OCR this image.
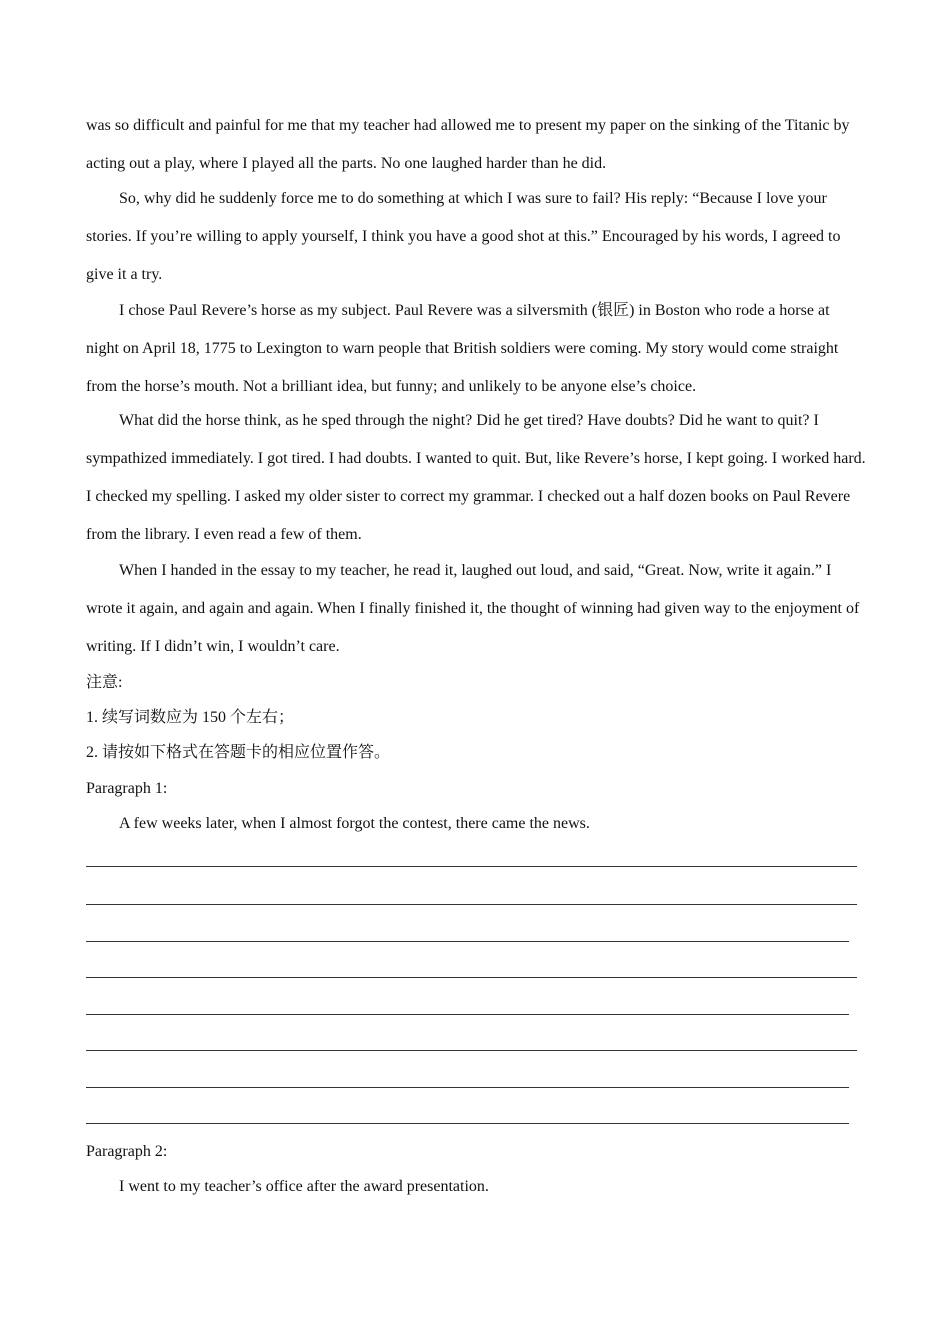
was so difficult and painful for me that my teacher had allowed me to present my paper on the sinking of the Titanic by acting out a play, where I played all the parts. No one laughed harder than he did.

So, why did he suddenly force me to do something at which I was sure to fail? His reply: “Because I love your stories. If you’re willing to apply yourself, I think you have a good shot at this.” Encouraged by his words, I agreed to give it a try.

I chose Paul Revere’s horse as my subject. Paul Revere was a silversmith (银匠) in Boston who rode a horse at night on April 18, 1775 to Lexington to warn people that British soldiers were coming. My story would come straight from the horse’s mouth. Not a brilliant idea, but funny; and unlikely to be anyone else’s choice.

What did the horse think, as he sped through the night? Did he get tired? Have doubts? Did he want to quit? I sympathized immediately. I got tired. I had doubts. I wanted to quit. But, like Revere’s horse, I kept going. I worked hard. I checked my spelling. I asked my older sister to correct my grammar. I checked out a half dozen books on Paul Revere from the library. I even read a few of them.

When I handed in the essay to my teacher, he read it, laughed out loud, and said, “Great. Now, write it again.” I wrote it again, and again and again. When I finally finished it, the thought of winning had given way to the enjoyment of writing. If I didn’t win, I wouldn’t care.

注意:
1. 续写词数应为 150 个左右；
2. 请按如下格式在答题卡的相应位置作答。
Paragraph 1:
A few weeks later, when I almost forgot the contest, there came the news.
Paragraph 2:
I went to my teacher’s office after the award presentation.
